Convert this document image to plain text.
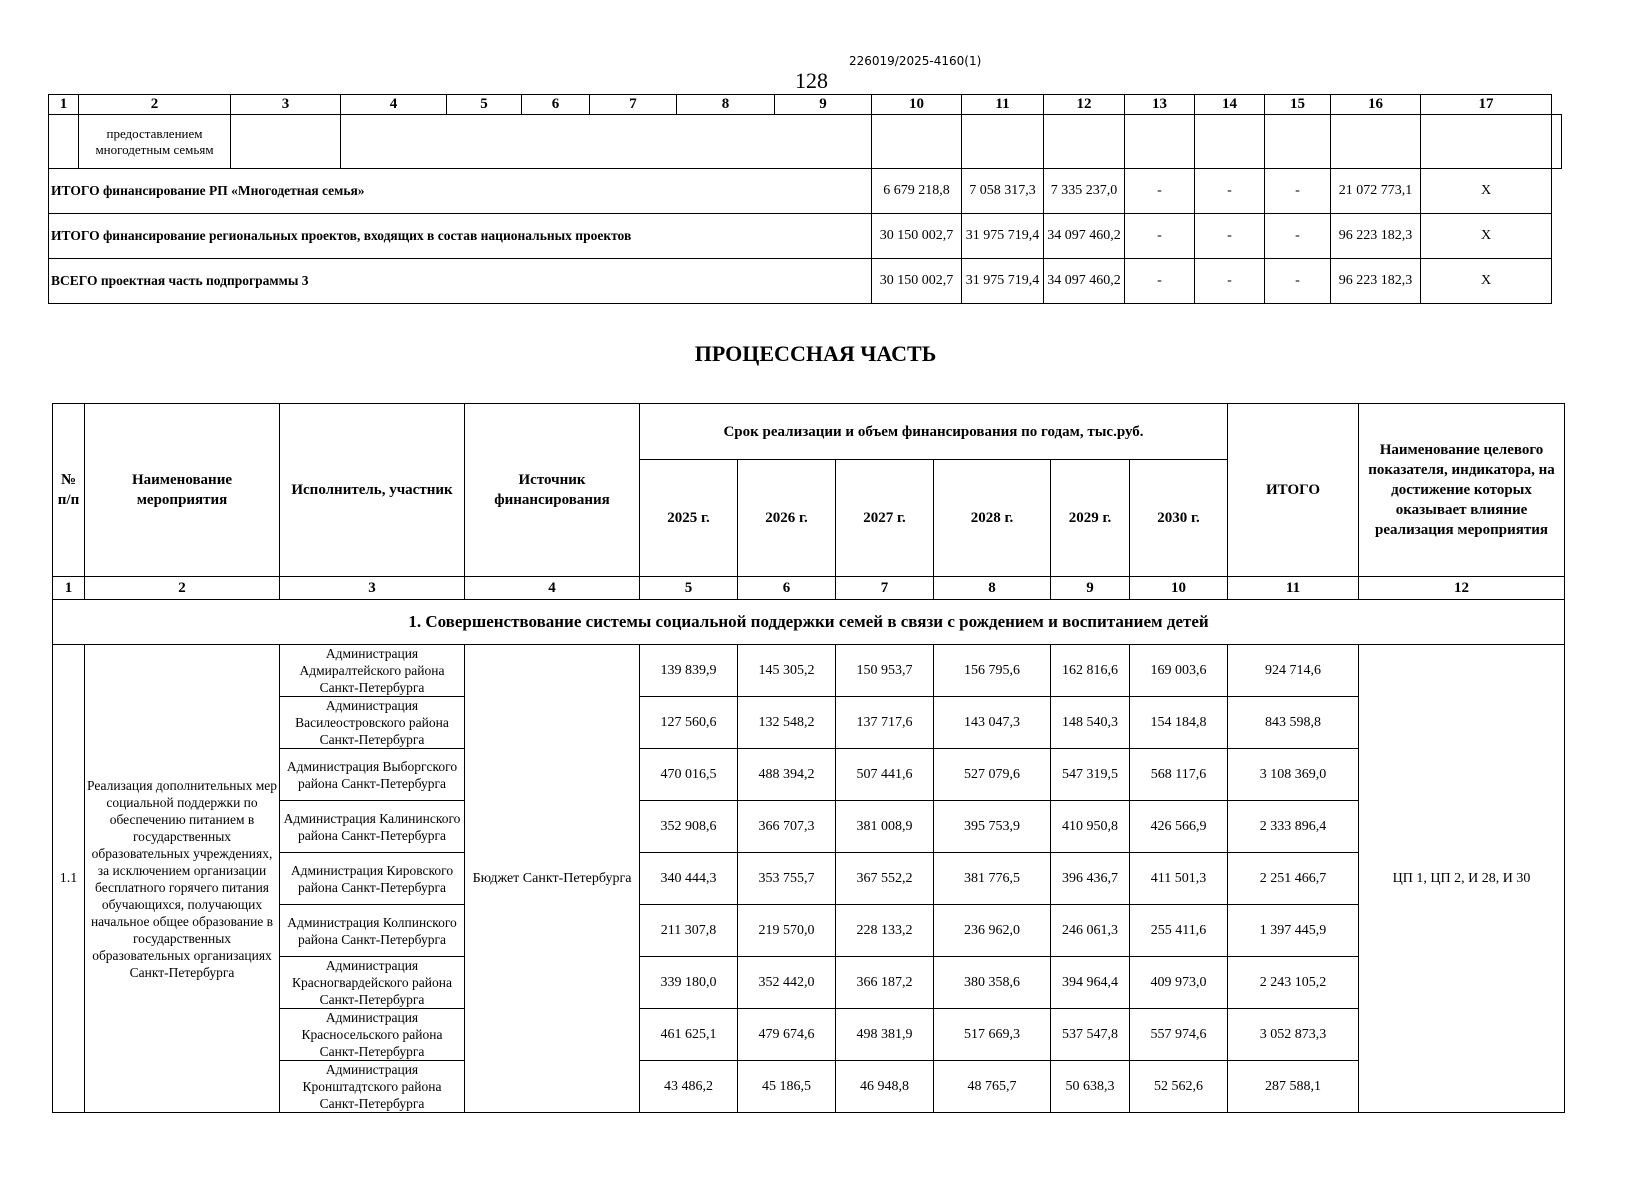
226019/2025-4160(1)
128
1	2	3	4	5	6	7	8	9	10	11	12	13	14	15	16	17	
	предоставлением многодетным семьям																
ИТОГО финансирование РП «Многодетная семья»									6 679 218,8	7 058 317,3	7 335 237,0	-	-	-	21 072 773,1	X	
ИТОГО финансирование региональных проектов, входящих в состав национальных проектов									30 150 002,7	31 975 719,4	34 097 460,2	-	-	-	96 223 182,3	X	
ВСЕГО проектная часть подпрограммы 3									30 150 002,7	31 975 719,4	34 097 460,2	-	-	-	96 223 182,3	X	
ПРОЦЕССНАЯ ЧАСТЬ
№ п/п	Наименование мероприятия	Исполнитель, участник	Источник финансирования	Срок реализации и объем финансирования по годам, тыс.руб.						ИТОГО	Наименование целевого показателя, индикатора, на достижение которых оказывает влияние реализация мероприятия
				2025 г.	2026 г.	2027 г.	2028 г.	2029 г.	2030 г.		
1	2	3	4	5	6	7	8	9	10	11	12
1. Совершенствование системы социальной поддержки семей в связи с рождением и воспитанием детей											
1.1	Реализация дополнительных мер социальной поддержки по обеспечению питанием в государственных образовательных учреждениях, за исключением организации бесплатного горячего питания обучающихся, получающих начальное общее образование в государственных образовательных организациях Санкт-Петербурга	Администрация Адмиралтейского района Санкт-Петербурга	Бюджет Санкт-Петербурга	139 839,9	145 305,2	150 953,7	156 795,6	162 816,6	169 003,6	924 714,6	ЦП 1, ЦП 2, И 28, И 30
		Администрация Василеостровского района Санкт-Петербурга		127 560,6	132 548,2	137 717,6	143 047,3	148 540,3	154 184,8	843 598,8	
		Администрация Выборгского района Санкт-Петербурга		470 016,5	488 394,2	507 441,6	527 079,6	547 319,5	568 117,6	3 108 369,0	
		Администрация Калининского района Санкт-Петербурга		352 908,6	366 707,3	381 008,9	395 753,9	410 950,8	426 566,9	2 333 896,4	
		Администрация Кировского района Санкт-Петербурга		340 444,3	353 755,7	367 552,2	381 776,5	396 436,7	411 501,3	2 251 466,7	
		Администрация Колпинского района Санкт-Петербурга		211 307,8	219 570,0	228 133,2	236 962,0	246 061,3	255 411,6	1 397 445,9	
		Администрация Красногвардейского района Санкт-Петербурга		339 180,0	352 442,0	366 187,2	380 358,6	394 964,4	409 973,0	2 243 105,2	
		Администрация Красносельского района Санкт-Петербурга		461 625,1	479 674,6	498 381,9	517 669,3	537 547,8	557 974,6	3 052 873,3	
		Администрация Кронштадтского района Санкт-Петербурга		43 486,2	45 186,5	46 948,8	48 765,7	50 638,3	52 562,6	287 588,1	
